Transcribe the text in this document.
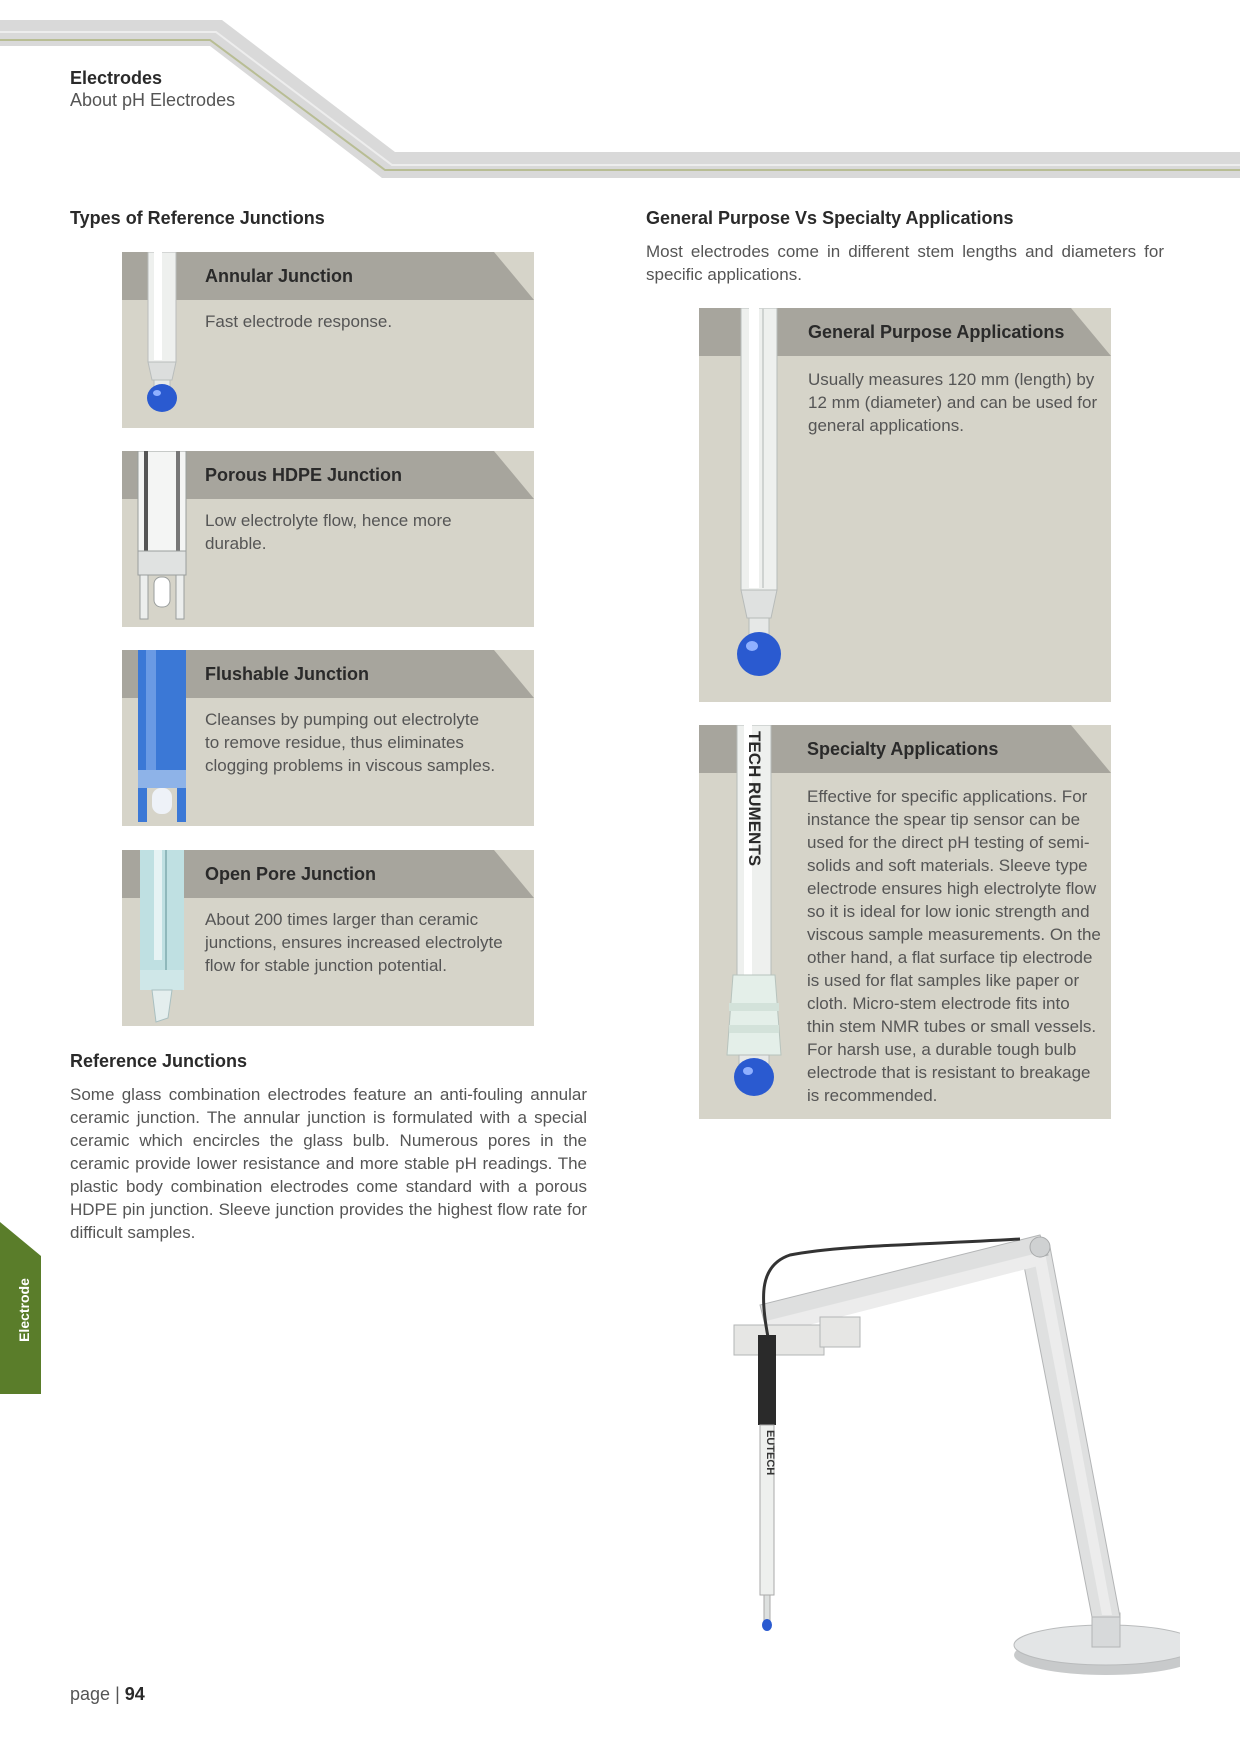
Electrodes
About pH Electrodes
Types of Reference Junctions
Annular Junction
Fast electrode response.
Porous HDPE Junction
Low electrolyte flow, hence more
durable.
Flushable Junction
Cleanses by pumping out electrolyte
to remove residue, thus eliminates
clogging problems in viscous samples.
Open Pore Junction
About 200 times larger than ceramic
junctions, ensures increased electrolyte
flow for stable junction potential.
Reference Junctions

Some glass combination electrodes feature an anti-fouling annular ceramic junction. The annular junction is formulated with a special ceramic which encircles the glass bulb. Numerous pores in the ceramic provide lower resistance and more stable pH readings. The plastic body combination electrodes come standard with a porous HDPE pin junction. Sleeve junction provides the highest flow rate for difficult samples.

General Purpose Vs Specialty Applications

Most electrodes come in different stem lengths and diameters for specific applications.

General Purpose Applications
Usually measures 120 mm (length) by
12 mm (diameter) and can be used for
general applications.
TECH RUMENTS Specialty Applications
Effective for specific applications. For
instance the spear tip sensor can be
used for the direct pH testing of semi-
solids and soft materials. Sleeve type
electrode ensures high electrolyte flow
so it is ideal for low ionic strength and
viscous sample measurements. On the
other hand, a flat surface tip electrode
is used for flat samples like paper or
cloth. Micro-stem electrode fits into
thin stem NMR tubes or small vessels.
For harsh use, a durable tough bulb
electrode that is resistant to breakage
is recommended.
EUTECH
Electrode
page | 94
